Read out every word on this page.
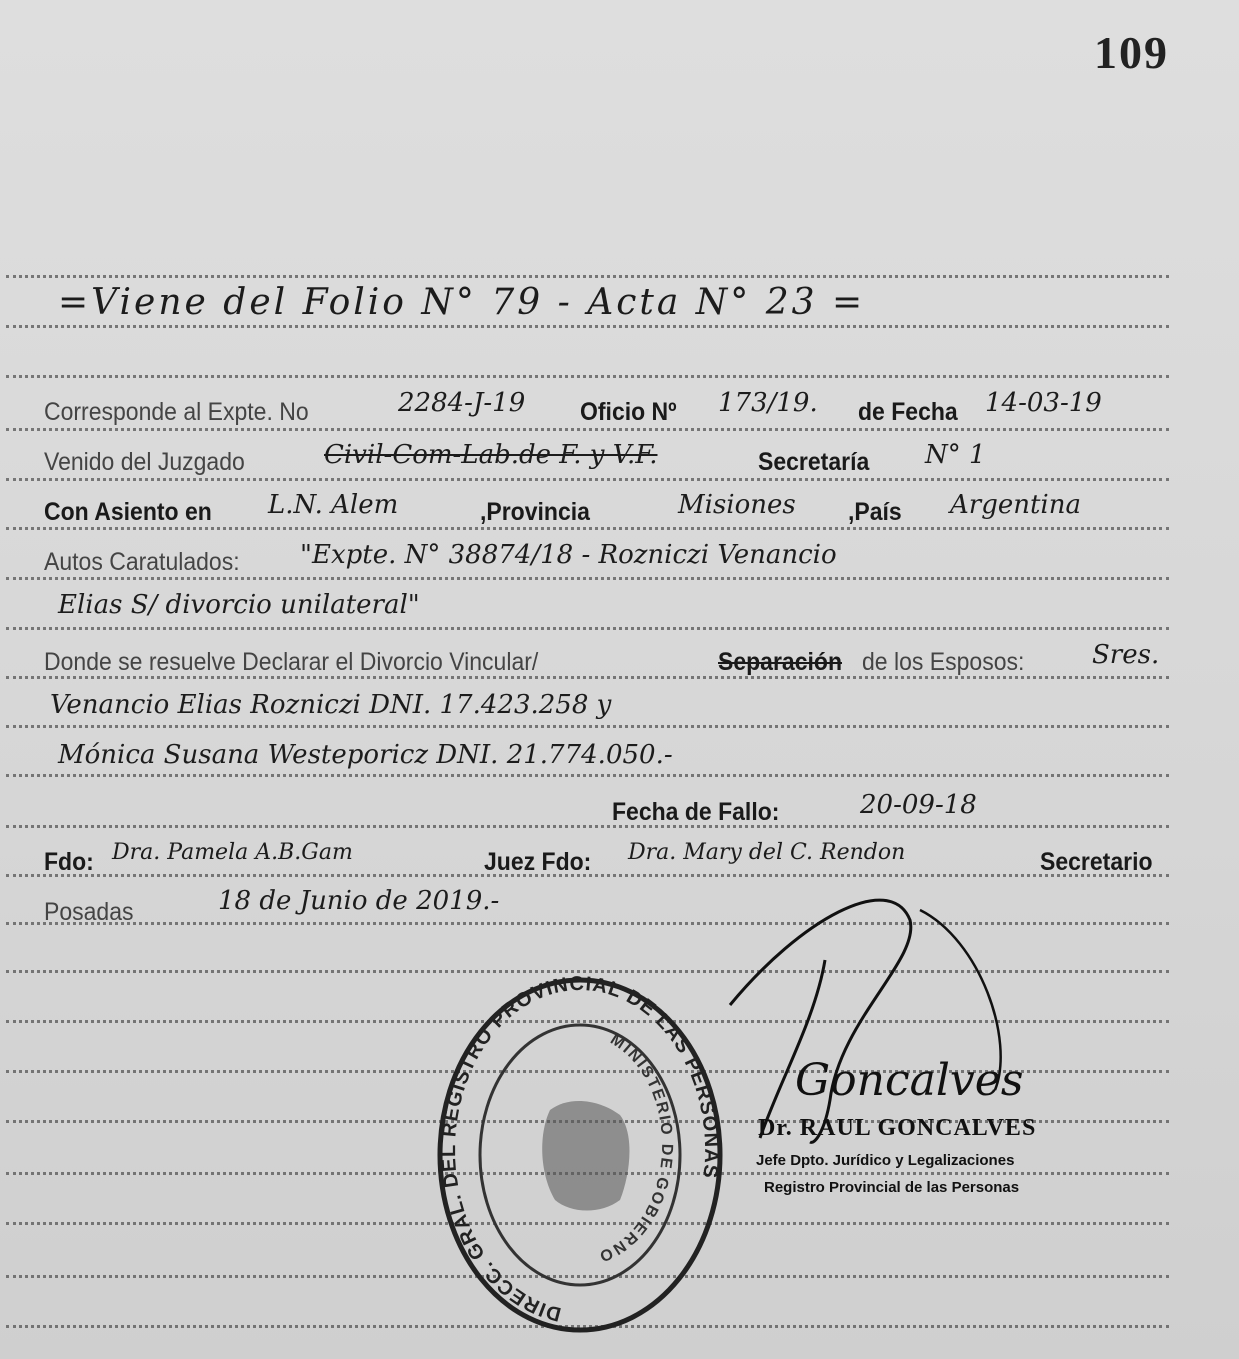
109
=Viene del Folio N° 79 - Acta N° 23 =
Corresponde al Expte. No	2284-J-19 Oficio Nº 173/19. de Fecha 14-03-19
Venido del Juzgado	Civil-Com-Lab.de F. y V.F.	Secretaría N° 1
Con Asiento en L.N. Alem	,Provincia	Misiones ,País Argentina
Autos Caratulados: "Expte. N° 38874/18 - Rozniczi Venancio
Elias S/ divorcio unilateral"
Donde se resuelve Declarar el Divorcio Vincular/	Separación de los Esposos:	Sres.
Venancio Elias Rozniczi DNI. 17.423.258 y
Mónica Susana Westeporicz DNI. 21.774.050.-
Fecha de Fallo:	20-09-18
Fdo: Dra. Pamela A.B.Gam	Juez Fdo: Dra. Mary del C. Rendon	Secretario
Posadas	18 de Junio de 2019.-
DIRECC. GRAL. DEL REGISTRO PROVINCIAL DE LAS PERSONAS
MINISTERIO DE GOBIERNO
Goncalves
Dr. RAUL GONCALVES
Jefe Dpto. Jurídico y Legalizaciones
Registro Provincial de las Personas
